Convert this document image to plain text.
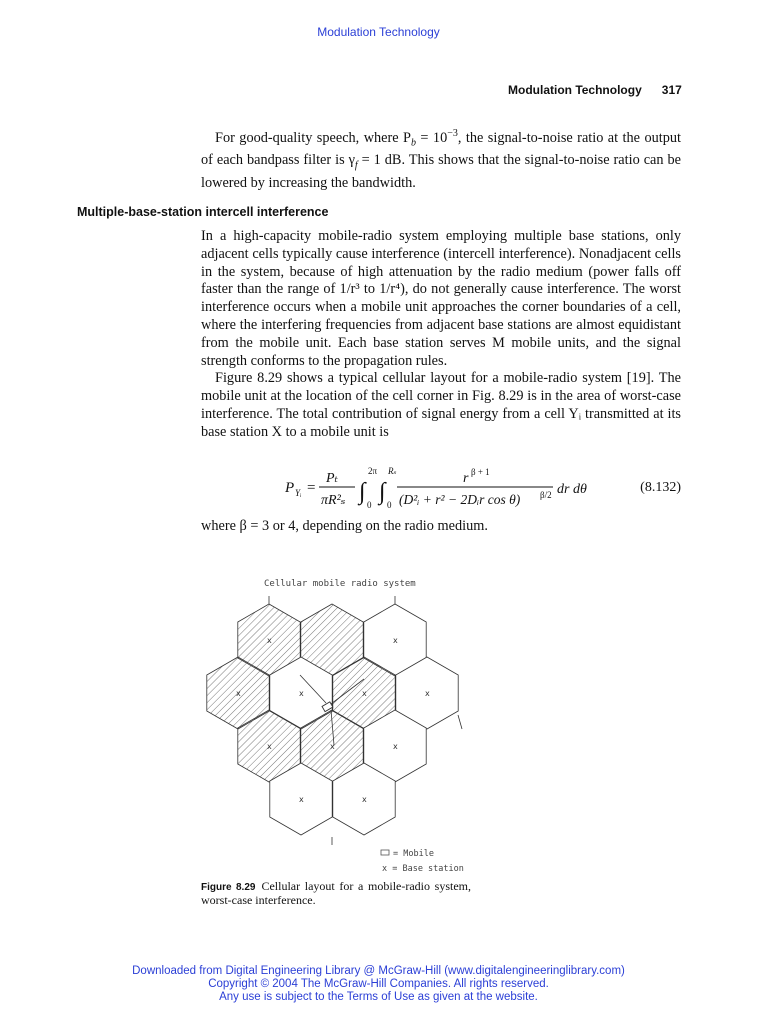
Modulation Technology
Modulation Technology 317

For good-quality speech, where $P_b = 10^{-3}$, the signal-to-noise ratio at the output of each bandpass filter is $\gamma_f = 1$ dB. This shows that the signal-to-noise ratio can be lowered by increasing the bandwidth.

Multiple-base-station intercell interference

In a high-capacity mobile-radio system employing multiple base stations, only adjacent cells typically cause interference (intercell interference). Nonadjacent cells in the system, because of high attenuation by the radio medium (power falls off faster than the range of 1/r³ to 1/r⁴), do not generally cause interference. The worst interference occurs when a mobile unit approaches the corner boundaries of a cell, where the interfering frequencies from adjacent base stations are almost equidistant from the mobile unit. Each base station serves M mobile units, and the signal strength conforms to the propagation rules.

Figure 8.29 shows a typical cellular layout for a mobile-radio system [19]. The mobile unit at the location of the cell corner in Fig. 8.29 is in the area of worst-case interference. The total contribution of signal energy from a cell Yᵢ transmitted at its base station X to a mobile unit is

P Yᵢ =
Pₜ
πR²ₛ ∫
2π
0 ∫
Rₛ
0
r β + 1
(D²ᵢ + r² − 2Dᵢr cos θ) β/2 dr dθ	(8.132)
where β = 3 or 4, depending on the radio medium.
Cellular mobile radio system
x	x
x	x	x	x
x	x	x
x	x
= Mobile
x = Base station
Figure 8.29 Cellular layout for a mobile-radio system, worst-case interference.
Downloaded from Digital Engineering Library @ McGraw-Hill (www.digitalengineeringlibrary.com)
Copyright © 2004 The McGraw-Hill Companies. All rights reserved.
Any use is subject to the Terms of Use as given at the website.
